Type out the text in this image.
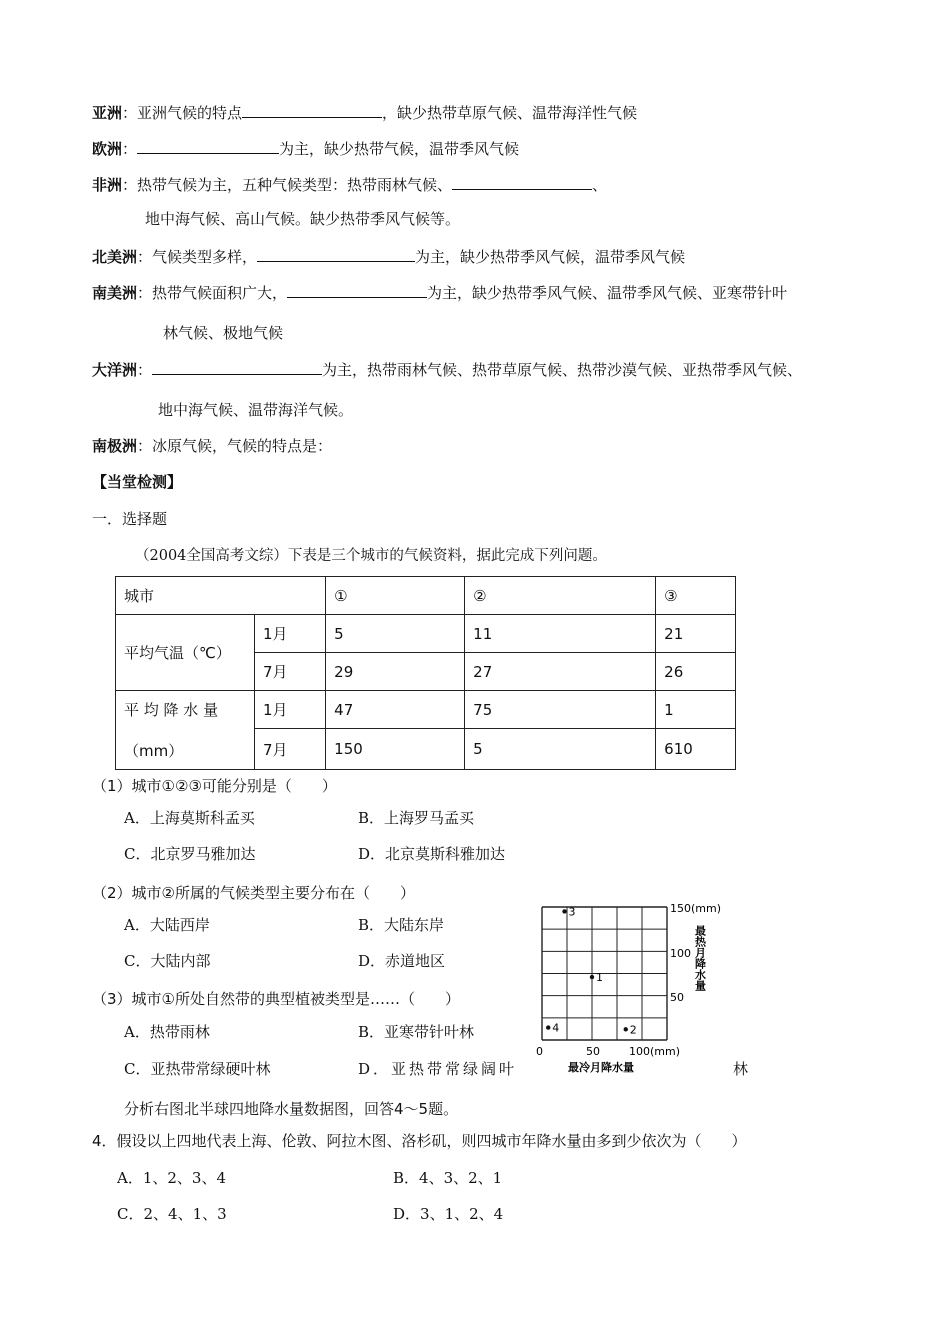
亚洲：亚洲气候的特点	，缺少热带草原气候、温带海洋性气候
欧洲：	为主，缺少热带气候，温带季风气候
非洲：热带气候为主，五种气候类型：热带雨林气候、	、
地中海气候、高山气候。缺少热带季风气候等。
北美洲：气候类型多样，	为主，缺少热带季风气候，温带季风气候
南美洲：热带气候面积广大，	为主，缺少热带季风气候、温带季风气候、亚寒带针叶
林气候、极地气候
大洋洲：	为主，热带雨林气候、热带草原气候、热带沙漠气候、亚热带季风气候、
地中海气候、温带海洋气候。
南极洲：冰原气候，气候的特点是：
【当堂检测】
一．选择题
（2004全国高考文综）下表是三个城市的气候资料，据此完成下列问题。
城市		①	②	③
平均气温（℃）	1月	5	11	21
	7月	29	27	26

平 均 降 水 量
（mm）	1月	47	75	1
	7月	150	5	610
（1）城市①②③可能分别是（　　）
A．上海莫斯科孟买	B．上海罗马孟买
C．北京罗马雅加达	D．北京莫斯科雅加达
（2）城市②所属的气候类型主要分布在（　　）
A．大陆西岸	B．大陆东岸
C．大陆内部	D．赤道地区
（3）城市①所处自然带的典型植被类型是……（　　）
A．热带雨林	B．亚寒带针叶林
C．亚热带常绿硬叶林	D．亚热带常绿阔叶	林
1
2
3
4
150(mm)
100
50
0	50	100(mm)
最冷月降水量
最热月降水量
分析右图北半球四地降水量数据图，回答4～5题。
4．假设以上四地代表上海、伦敦、阿拉木图、洛杉矶，则四城市年降水量由多到少依次为（　　）
A．1、2、3、4	B．4、3、2、1
C．2、4、1、3	D．3、1、2、4
